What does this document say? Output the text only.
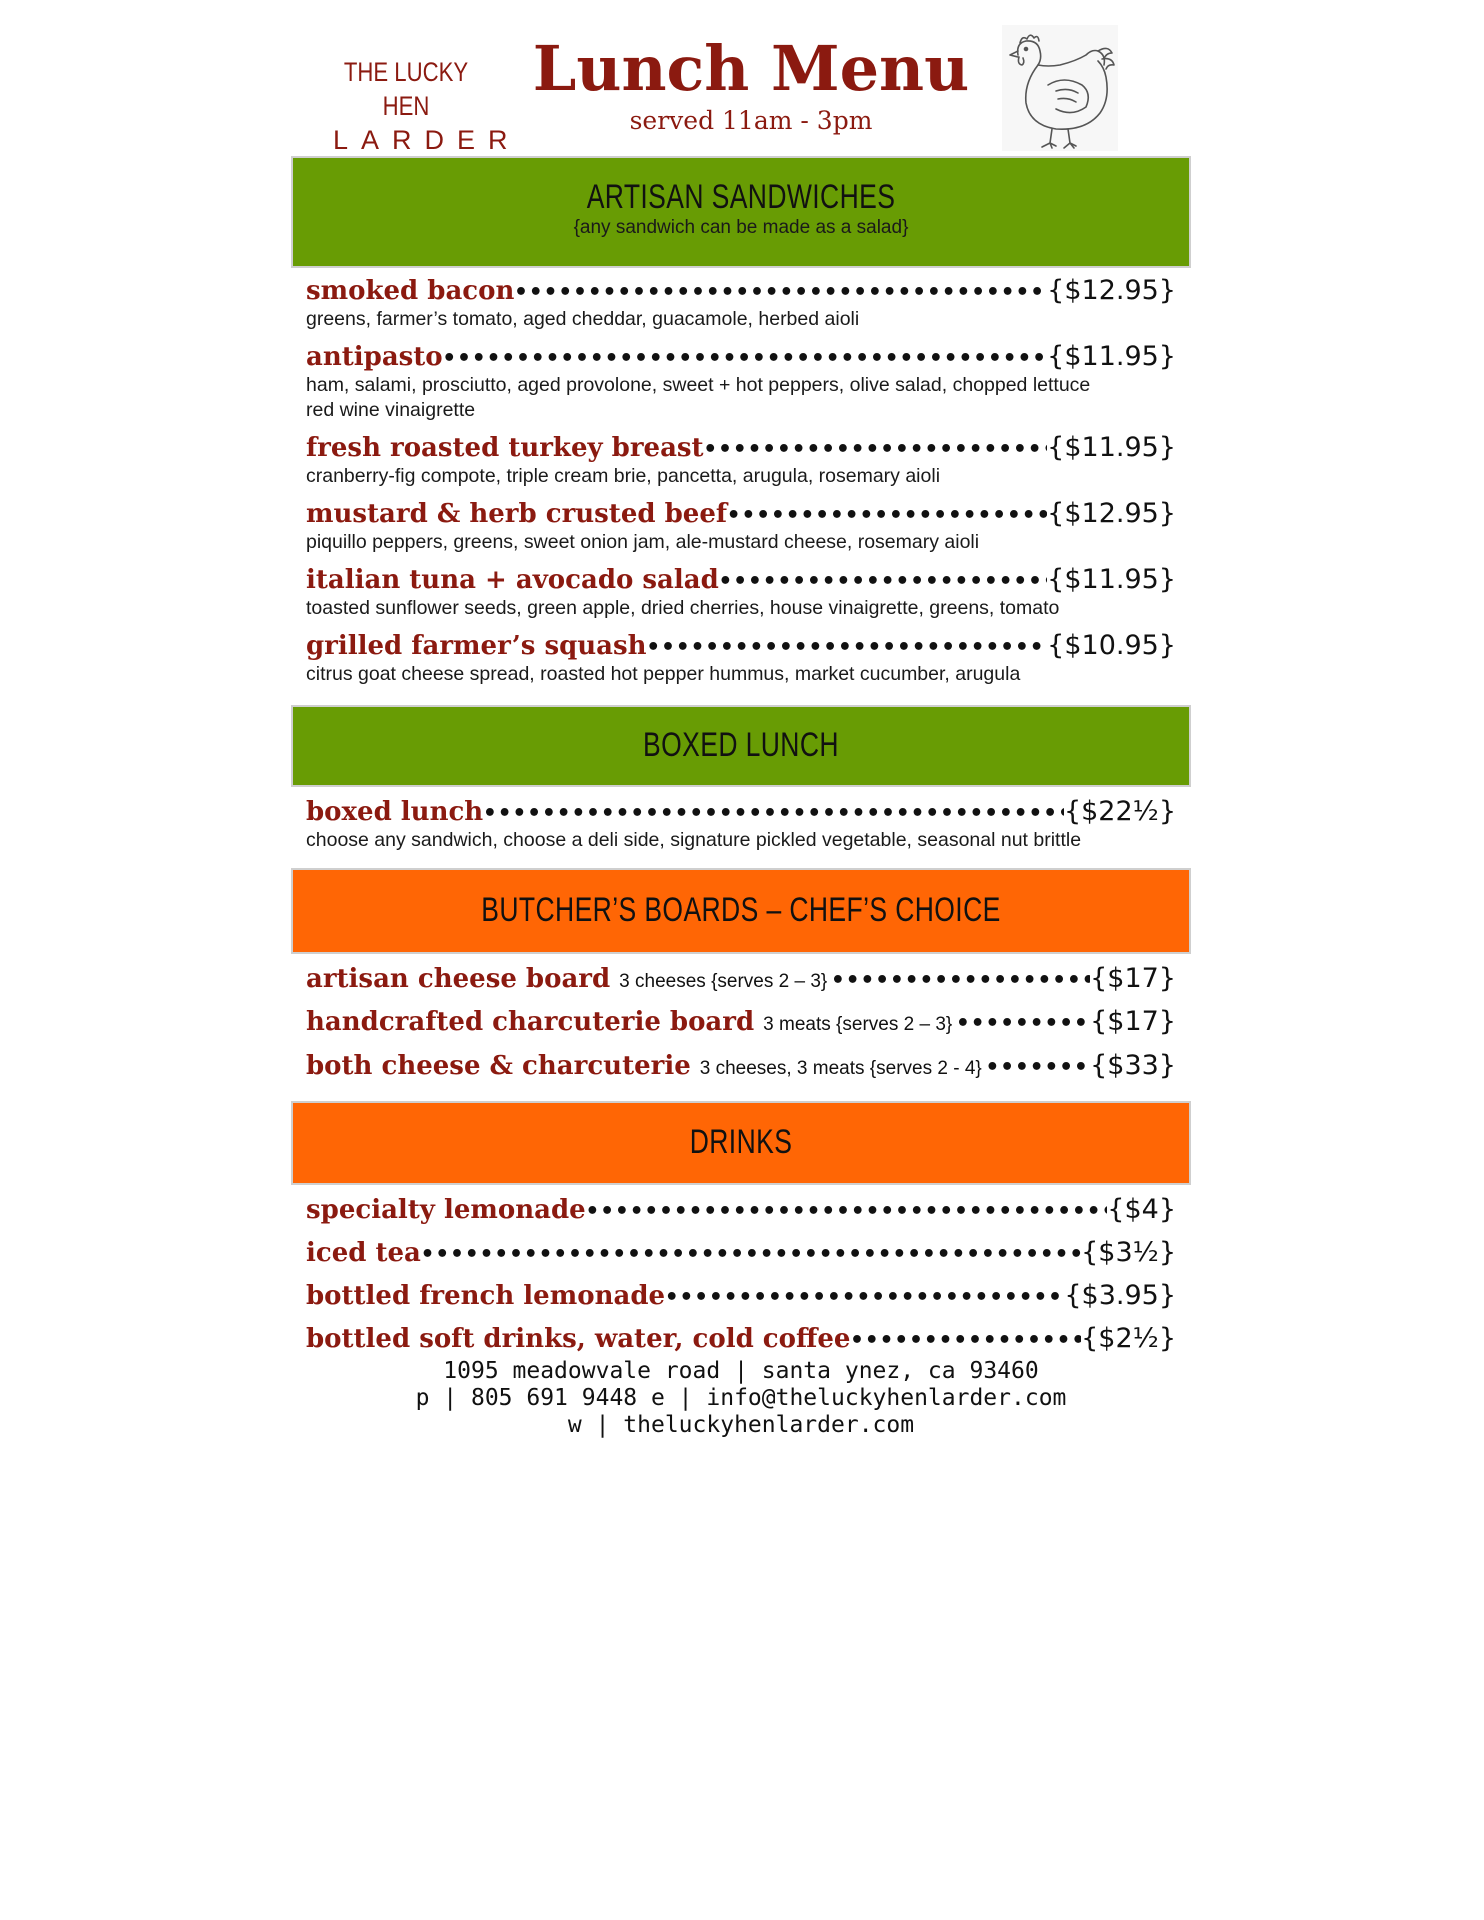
THE LUCKY HEN
LARDER
Lunch Menu
served 11am - 3pm
ARTISAN SANDWICHES
{any sandwich can be made as a salad}
smoked bacon •••••	{$12.95}
greens, farmer’s tomato, aged cheddar, guacamole, herbed aioli
antipasto •••••	{$11.95}
ham, salami, prosciutto, aged provolone, sweet + hot peppers, olive salad, chopped lettuce
red wine vinaigrette
fresh roasted turkey breast •••••	{$11.95}
cranberry-fig compote, triple cream brie, pancetta, arugula, rosemary aioli
mustard & herb crusted beef •••••	{$12.95}
piquillo peppers, greens, sweet onion jam, ale-mustard cheese, rosemary aioli
italian tuna + avocado salad •••••	{$11.95}
toasted sunflower seeds, green apple, dried cherries, house vinaigrette, greens, tomato
grilled farmer’s squash •••••	{$10.95}
citrus goat cheese spread, roasted hot pepper hummus, market cucumber, arugula
BOXED LUNCH
boxed lunch •••••	{$22½}
choose any sandwich, choose a deli side, signature pickled vegetable, seasonal nut brittle
BUTCHER’S BOARDS – CHEF’S CHOICE
artisan cheese board 3 cheeses {serves 2 – 3} •••••	{$17}
handcrafted charcuterie board 3 meats {serves 2 – 3} •••••	{$17}
both cheese & charcuterie 3 cheeses, 3 meats {serves 2 - 4} •••••	{$33}
DRINKS
specialty lemonade •••••	{$4}
iced tea •••••	{$3½}
bottled french lemonade •••••	{$3.95}
bottled soft drinks, water, cold coffee •••••	{$2½}
1095 meadowvale road | santa ynez, ca 93460
p | 805 691 9448 e | info@theluckyhenlarder.com
w | theluckyhenlarder.com
